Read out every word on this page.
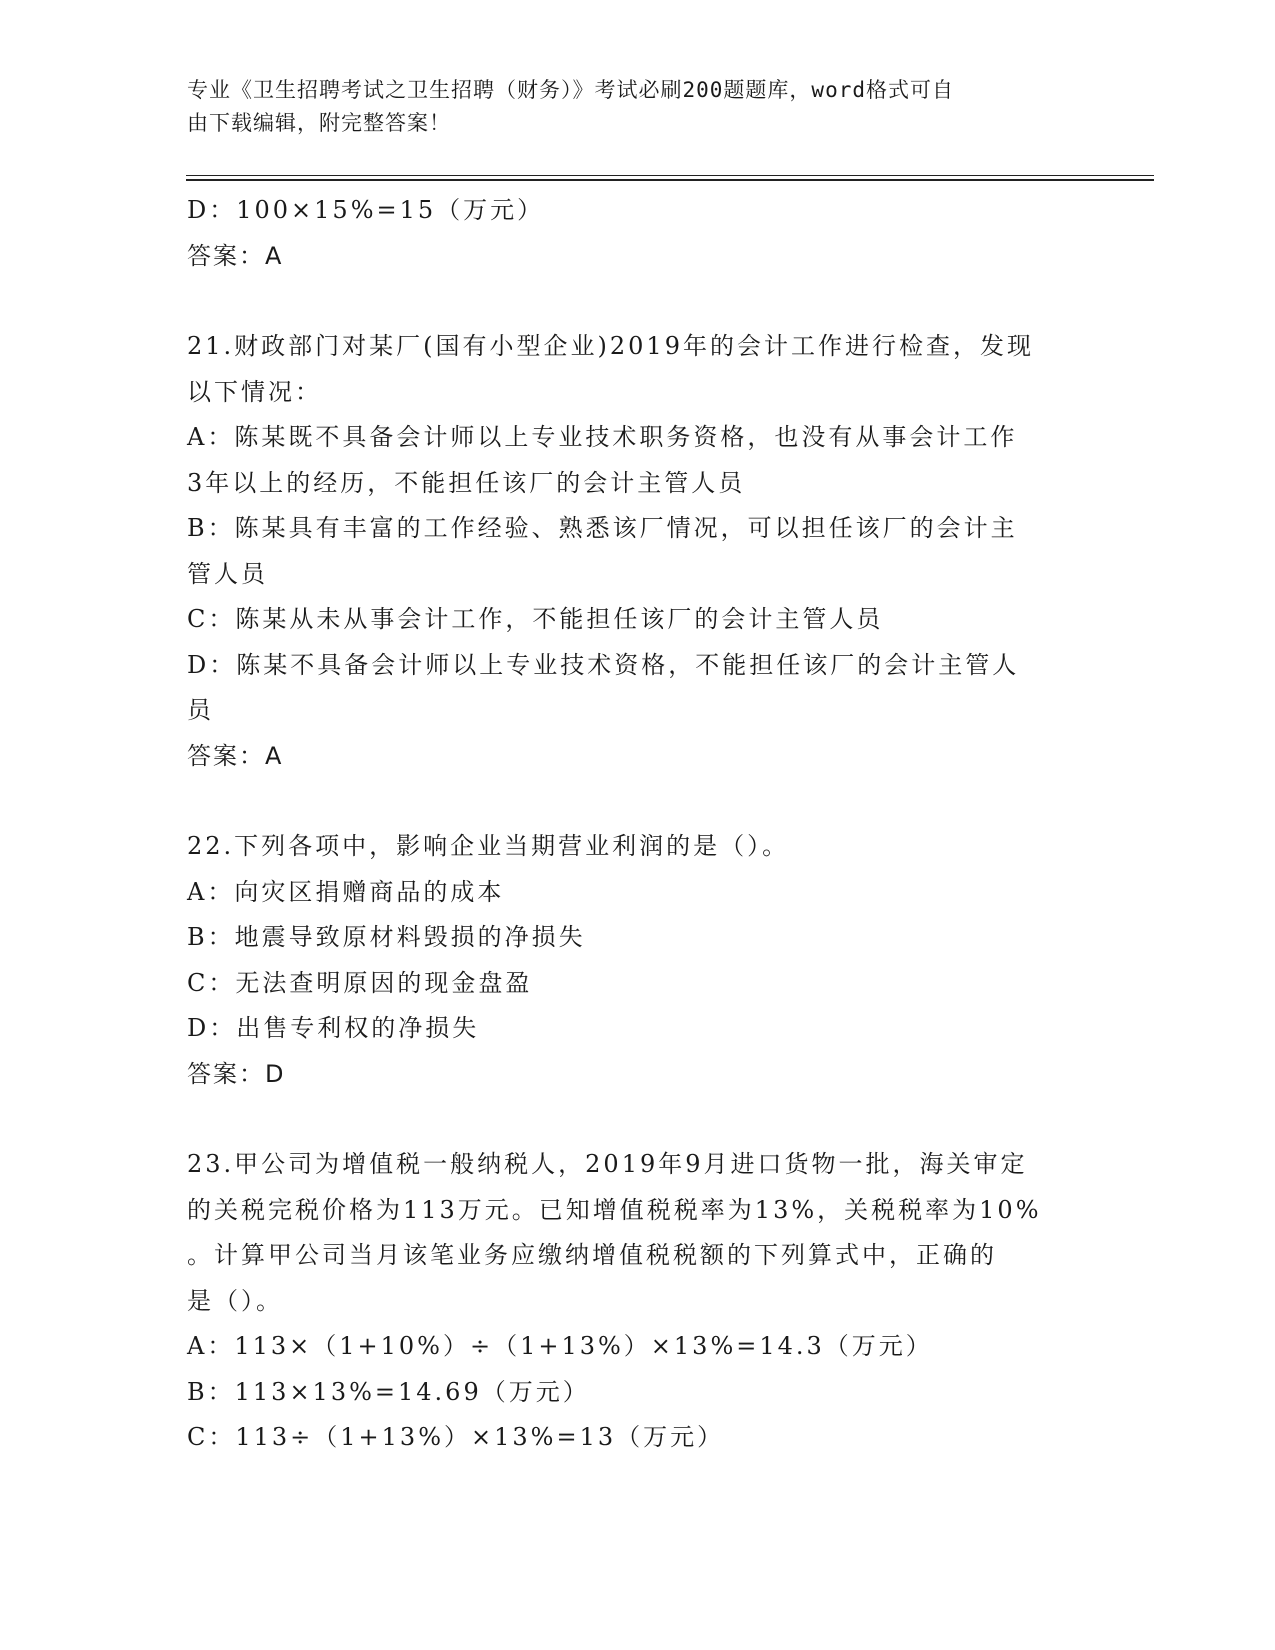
专业《卫生招聘考试之卫生招聘（财务）》考试必刷200题题库，word格式可自
由下载编辑，附完整答案！
D：100×15%=15（万元）
答案：A
21.财政部门对某厂(国有小型企业)2019年的会计工作进行检查，发现
以下情况：
A：陈某既不具备会计师以上专业技术职务资格，也没有从事会计工作
3年以上的经历，不能担任该厂的会计主管人员
B：陈某具有丰富的工作经验、熟悉该厂情况，可以担任该厂的会计主
管人员
C：陈某从未从事会计工作，不能担任该厂的会计主管人员
D：陈某不具备会计师以上专业技术资格，不能担任该厂的会计主管人
员
答案：A
22.下列各项中，影响企业当期营业利润的是（）。
A：向灾区捐赠商品的成本
B：地震导致原材料毁损的净损失
C：无法查明原因的现金盘盈
D：出售专利权的净损失
答案：D
23.甲公司为增值税一般纳税人，2019年9月进口货物一批，海关审定
的关税完税价格为113万元。已知增值税税率为13%，关税税率为10%
。计算甲公司当月该笔业务应缴纳增值税税额的下列算式中，正确的
是（）。
A：113×（1+10%）÷（1+13%）×13%=14.3（万元）
B：113×13%=14.69（万元）
C：113÷（1+13%）×13%=13（万元）
